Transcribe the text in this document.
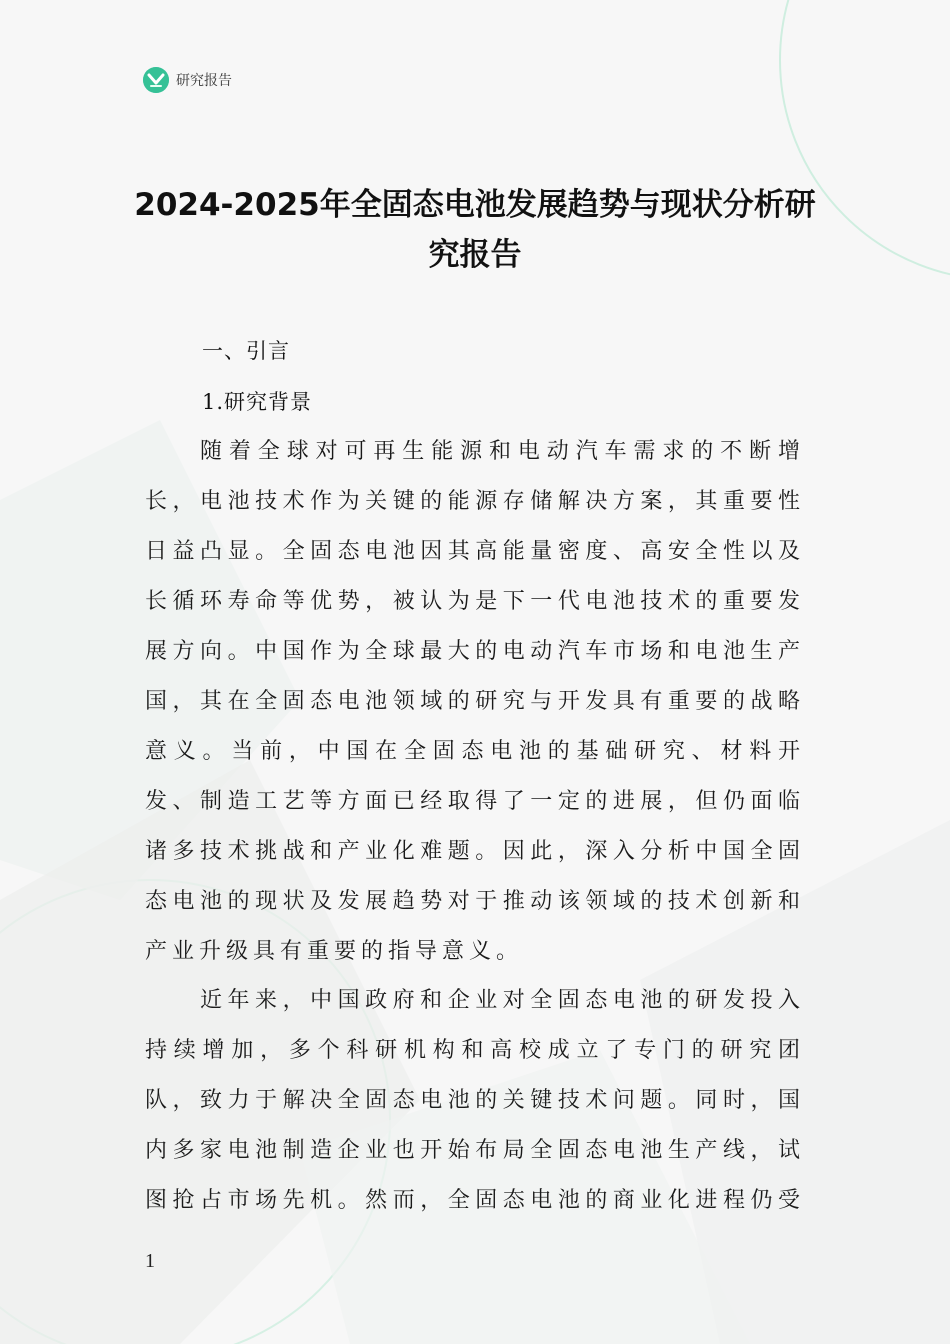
研究报告
2024-2025年全固态电池发展趋势与现状分析研究报告
一、引言
1.研究背景

随着全球对可再生能源和电动汽车需求的不断增长，电池技术作为关键的能源存储解决方案，其重要性日益凸显。全固态电池因其高能量密度、高安全性以及长循环寿命等优势，被认为是下一代电池技术的重要发展方向。中国作为全球最大的电动汽车市场和电池生产国，其在全固态电池领域的研究与开发具有重要的战略意义。当前，中国在全固态电池的基础研究、材料开发、制造工艺等方面已经取得了一定的进展，但仍面临诸多技术挑战和产业化难题。因此，深入分析中国全固态电池的现状及发展趋势对于推动该领域的技术创新和产业升级具有重要的指导意义。

近年来，中国政府和企业对全固态电池的研发投入持续增加，多个科研机构和高校成立了专门的研究团队，致力于解决全固态电池的关键技术问题。同时，国内多家电池制造企业也开始布局全固态电池生产线，试图抢占市场先机。然而，全固态电池的商业化进程仍受

1
